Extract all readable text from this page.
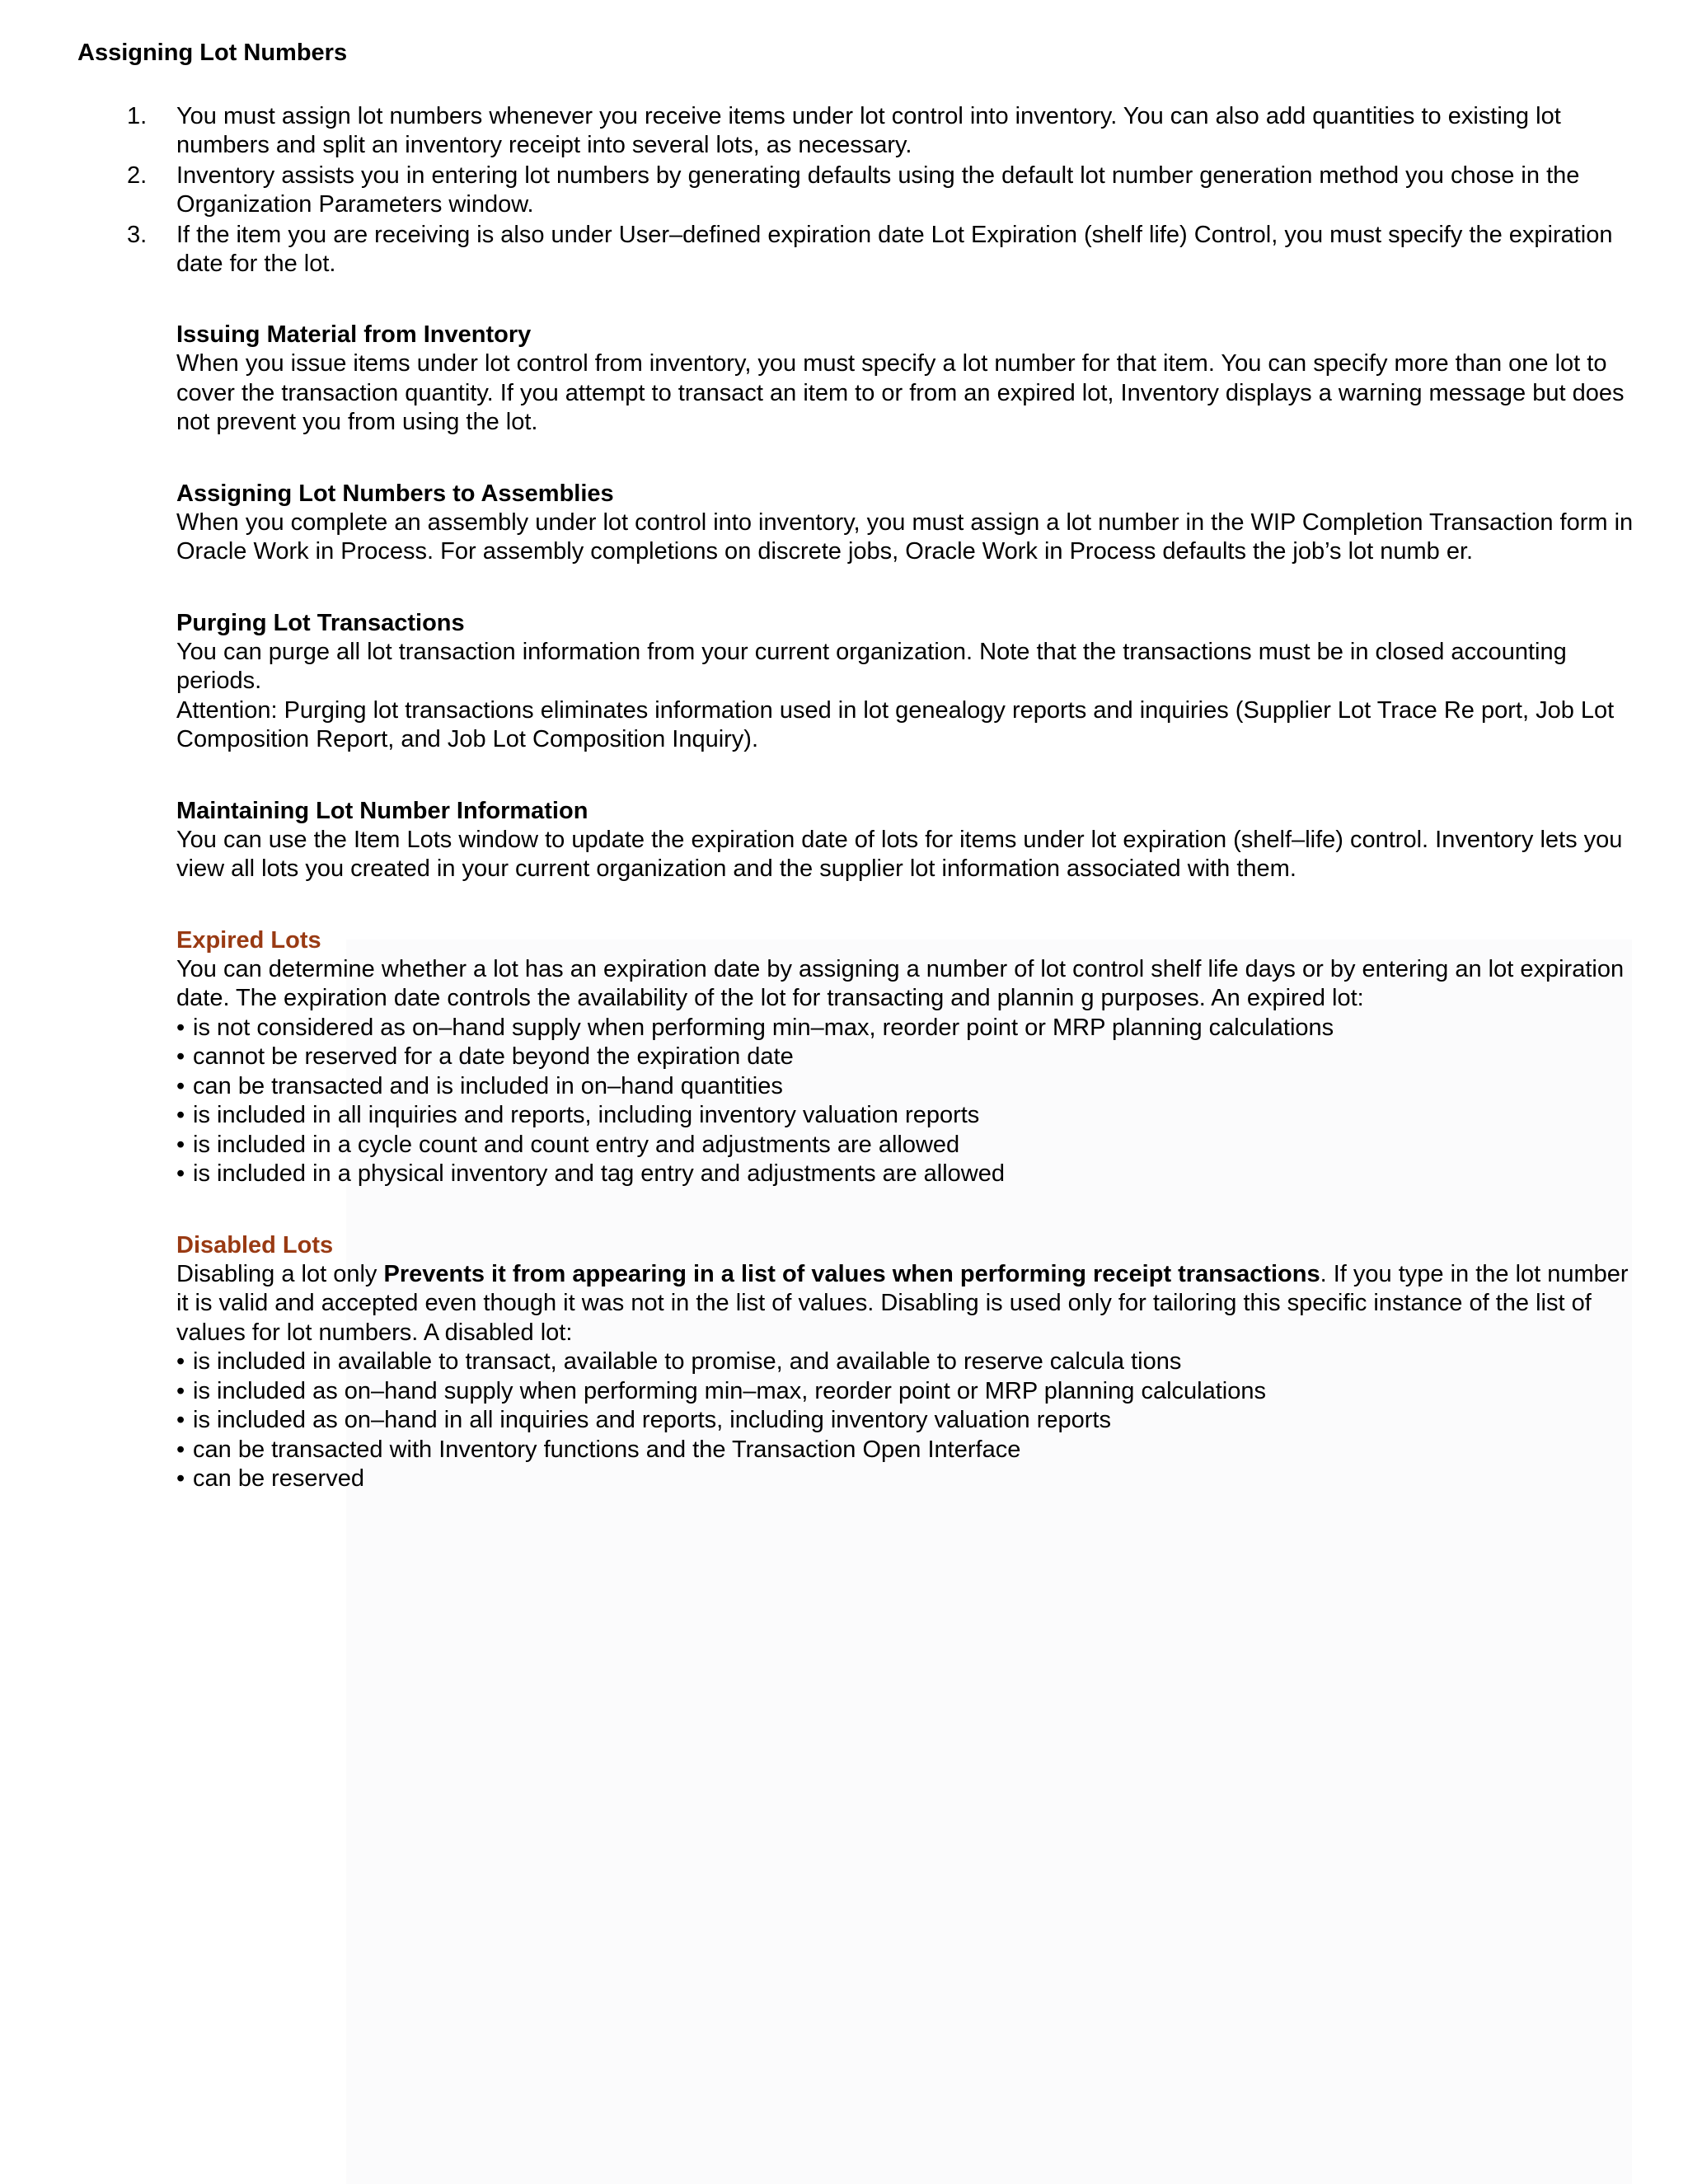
Assigning Lot Numbers
1.	You must assign lot numbers whenever you receive items under lot control into inventory. You can also add quantities to existing lot numbers and split an inventory receipt into several lots, as necessary.
2.	Inventory assists you in entering lot numbers by generating defaults using the default lot number generation method you chose in the Organization Parameters window.
3.	If the item you are receiving is also under User–defined expiration date Lot Expiration (shelf life) Control, you must specify the expiration date for the lot.
Issuing Material from Inventory

When you issue items under lot control from inventory, you must specify a lot number for that item. You can specify more than one lot to cover the transaction quantity. If you attempt to transact an item to or from an expired lot, Inventory displays a warning message but does not prevent you from using the lot.

Assigning Lot Numbers to Assemblies

When you complete an assembly under lot control into inventory, you must assign a lot number in the WIP Completion Transaction form in Oracle Work in Process. For assembly completions on discrete jobs, Oracle Work in Process defaults the job’s lot numb er.

Purging Lot Transactions

You can purge all lot transaction information from your current organization. Note that the transactions must be in closed accounting periods.

Attention: Purging lot transactions eliminates information used in lot genealogy reports and inquiries (Supplier Lot Trace Re port, Job Lot Composition Report, and Job Lot Composition Inquiry).

Maintaining Lot Number Information

You can use the Item Lots window to update the expiration date of lots for items under lot expiration (shelf–life) control. Inventory lets you view all lots you created in your current organization and the supplier lot information associated with them.

Expired Lots

You can determine whether a lot has an expiration date by assigning a number of lot control shelf life days or by entering an lot expiration date. The expiration date controls the availability of the lot for transacting and plannin g purposes. An expired lot:

• is not considered as on–hand supply when performing min–max, reorder point or MRP planning calculations
• cannot be reserved for a date beyond the expiration date
• can be transacted and is included in on–hand quantities
• is included in all inquiries and reports, including inventory valuation reports
• is included in a cycle count and count entry and adjustments are allowed
• is included in a physical inventory and tag entry and adjustments are allowed
Disabled Lots

Disabling a lot only Prevents it from appearing in a list of values when performing receipt transactions. If you type in the lot number it is valid and accepted even though it was not in the list of values. Disabling is used only for tailoring this specific instance of the list of values for lot numbers. A disabled lot:

• is included in available to transact, available to promise, and available to reserve calcula tions
• is included as on–hand supply when performing min–max, reorder point or MRP planning calculations
• is included as on–hand in all inquiries and reports, including inventory valuation reports
• can be transacted with Inventory functions and the Transaction Open Interface
• can be reserved
